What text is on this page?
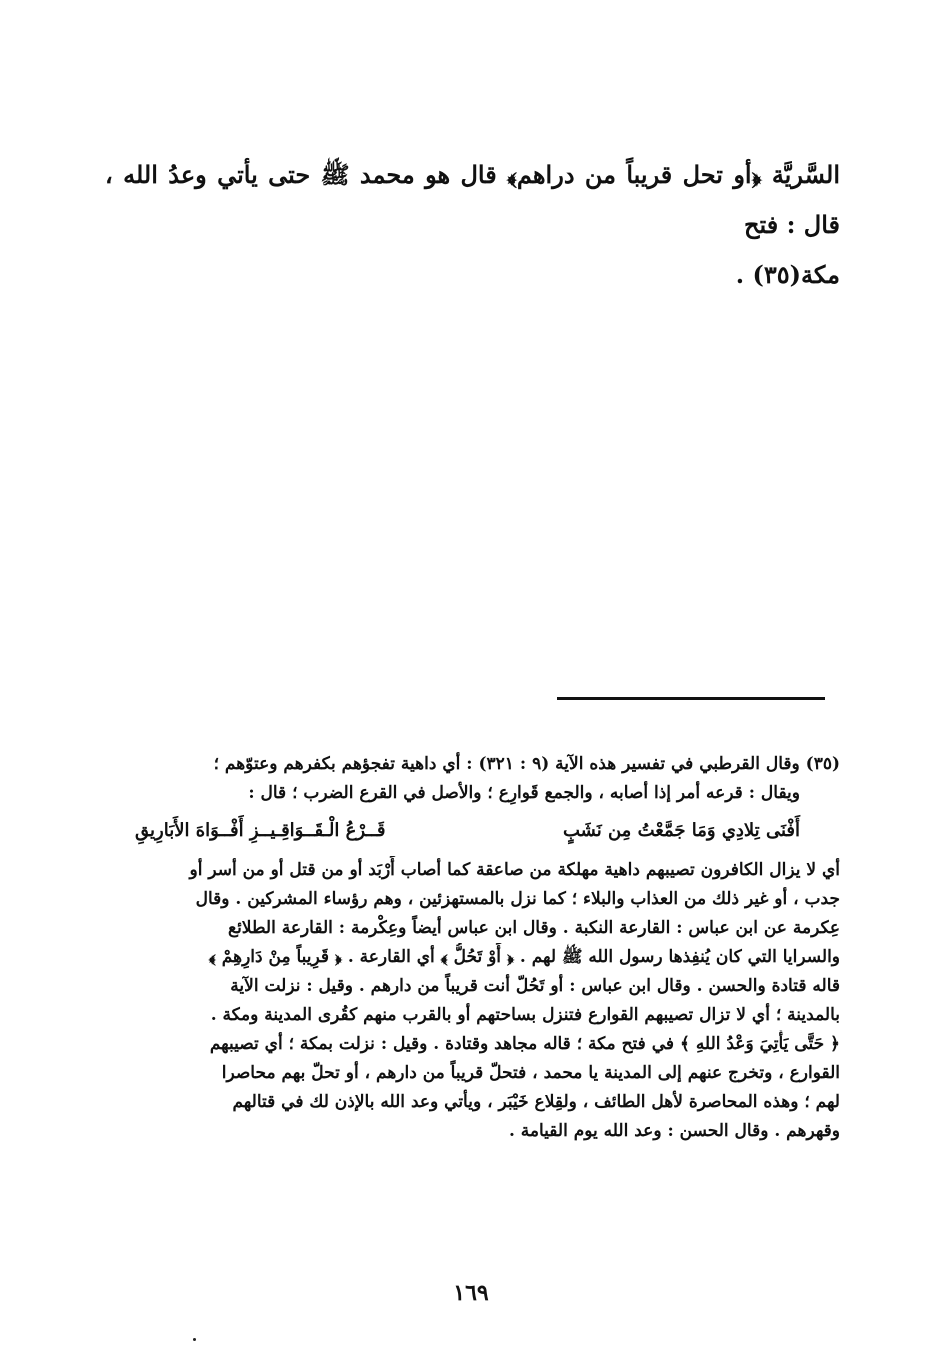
السَّريَّة ﴿أو تحل قريباً من دراهم﴾ قال هو محمد ﷺ حتى يأتي وعدُ الله ، قال : فتح

مكة(٣٥) .

(٣٥) وقال القرطبي في تفسير هذه الآية (٩ : ٣٢١) : أي داهية تفجؤهم بكفرهم وعتوّهم ؛

ويقال : قرعه أمر إذا أصابه ، والجمع قَوارِع ؛ والأصل في القرع الضرب ؛ قال :

أَفْنَى تِلادِي وَمَا جَمَّعْتُ مِن نَشَبٍ
قَــرْعُ الْـقَــوَاقِـيــزِ أَفْــوَاهَ الأَبَارِيقِ

أي لا يزال الكافرون تصيبهم داهية مهلكة من صاعقة كما أصاب أَرْبَد أو من قتل أو من أسر أو

جدب ، أو غير ذلك من العذاب والبلاء ؛ كما نزل بالمستهزئين ، وهم رؤساء المشركين . وقال

عِكرمة عن ابن عباس : القارعة النكبة . وقال ابن عباس أيضاً وعِكْرمة : القارعة الطلائع

والسرايا التي كان يُنفِذها رسول الله ﷺ لهم . ﴿ أَوْ تَحُلُّ ﴾ أي القارعة . ﴿ قَرِيباً مِنْ دَارِهِمْ ﴾

قاله قتادة والحسن . وقال ابن عباس : أو تَحُلّ أنت قريباً من دارهم . وقيل : نزلت الآية

بالمدينة ؛ أي لا تزال تصيبهم القوارع فتنزل بساحتهم أو بالقرب منهم كقُرى المدينة ومكة .

﴿ حَتَّى يَأْتِيَ وَعْدُ اللهِ ﴾ في فتح مكة ؛ قاله مجاهد وقتادة . وقيل : نزلت بمكة ؛ أي تصيبهم

القوارع ، وتخرج عنهم إلى المدينة يا محمد ، فتحلّ قريباً من دارهم ، أو تحلّ بهم محاصرا

لهم ؛ وهذه المحاصرة لأهل الطائف ، ولقِلاع خَيْبَر ، ويأتي وعد الله بالإذن لك في قتالهم

وقهرهم . وقال الحسن : وعد الله يوم القيامة .

١٦٩
